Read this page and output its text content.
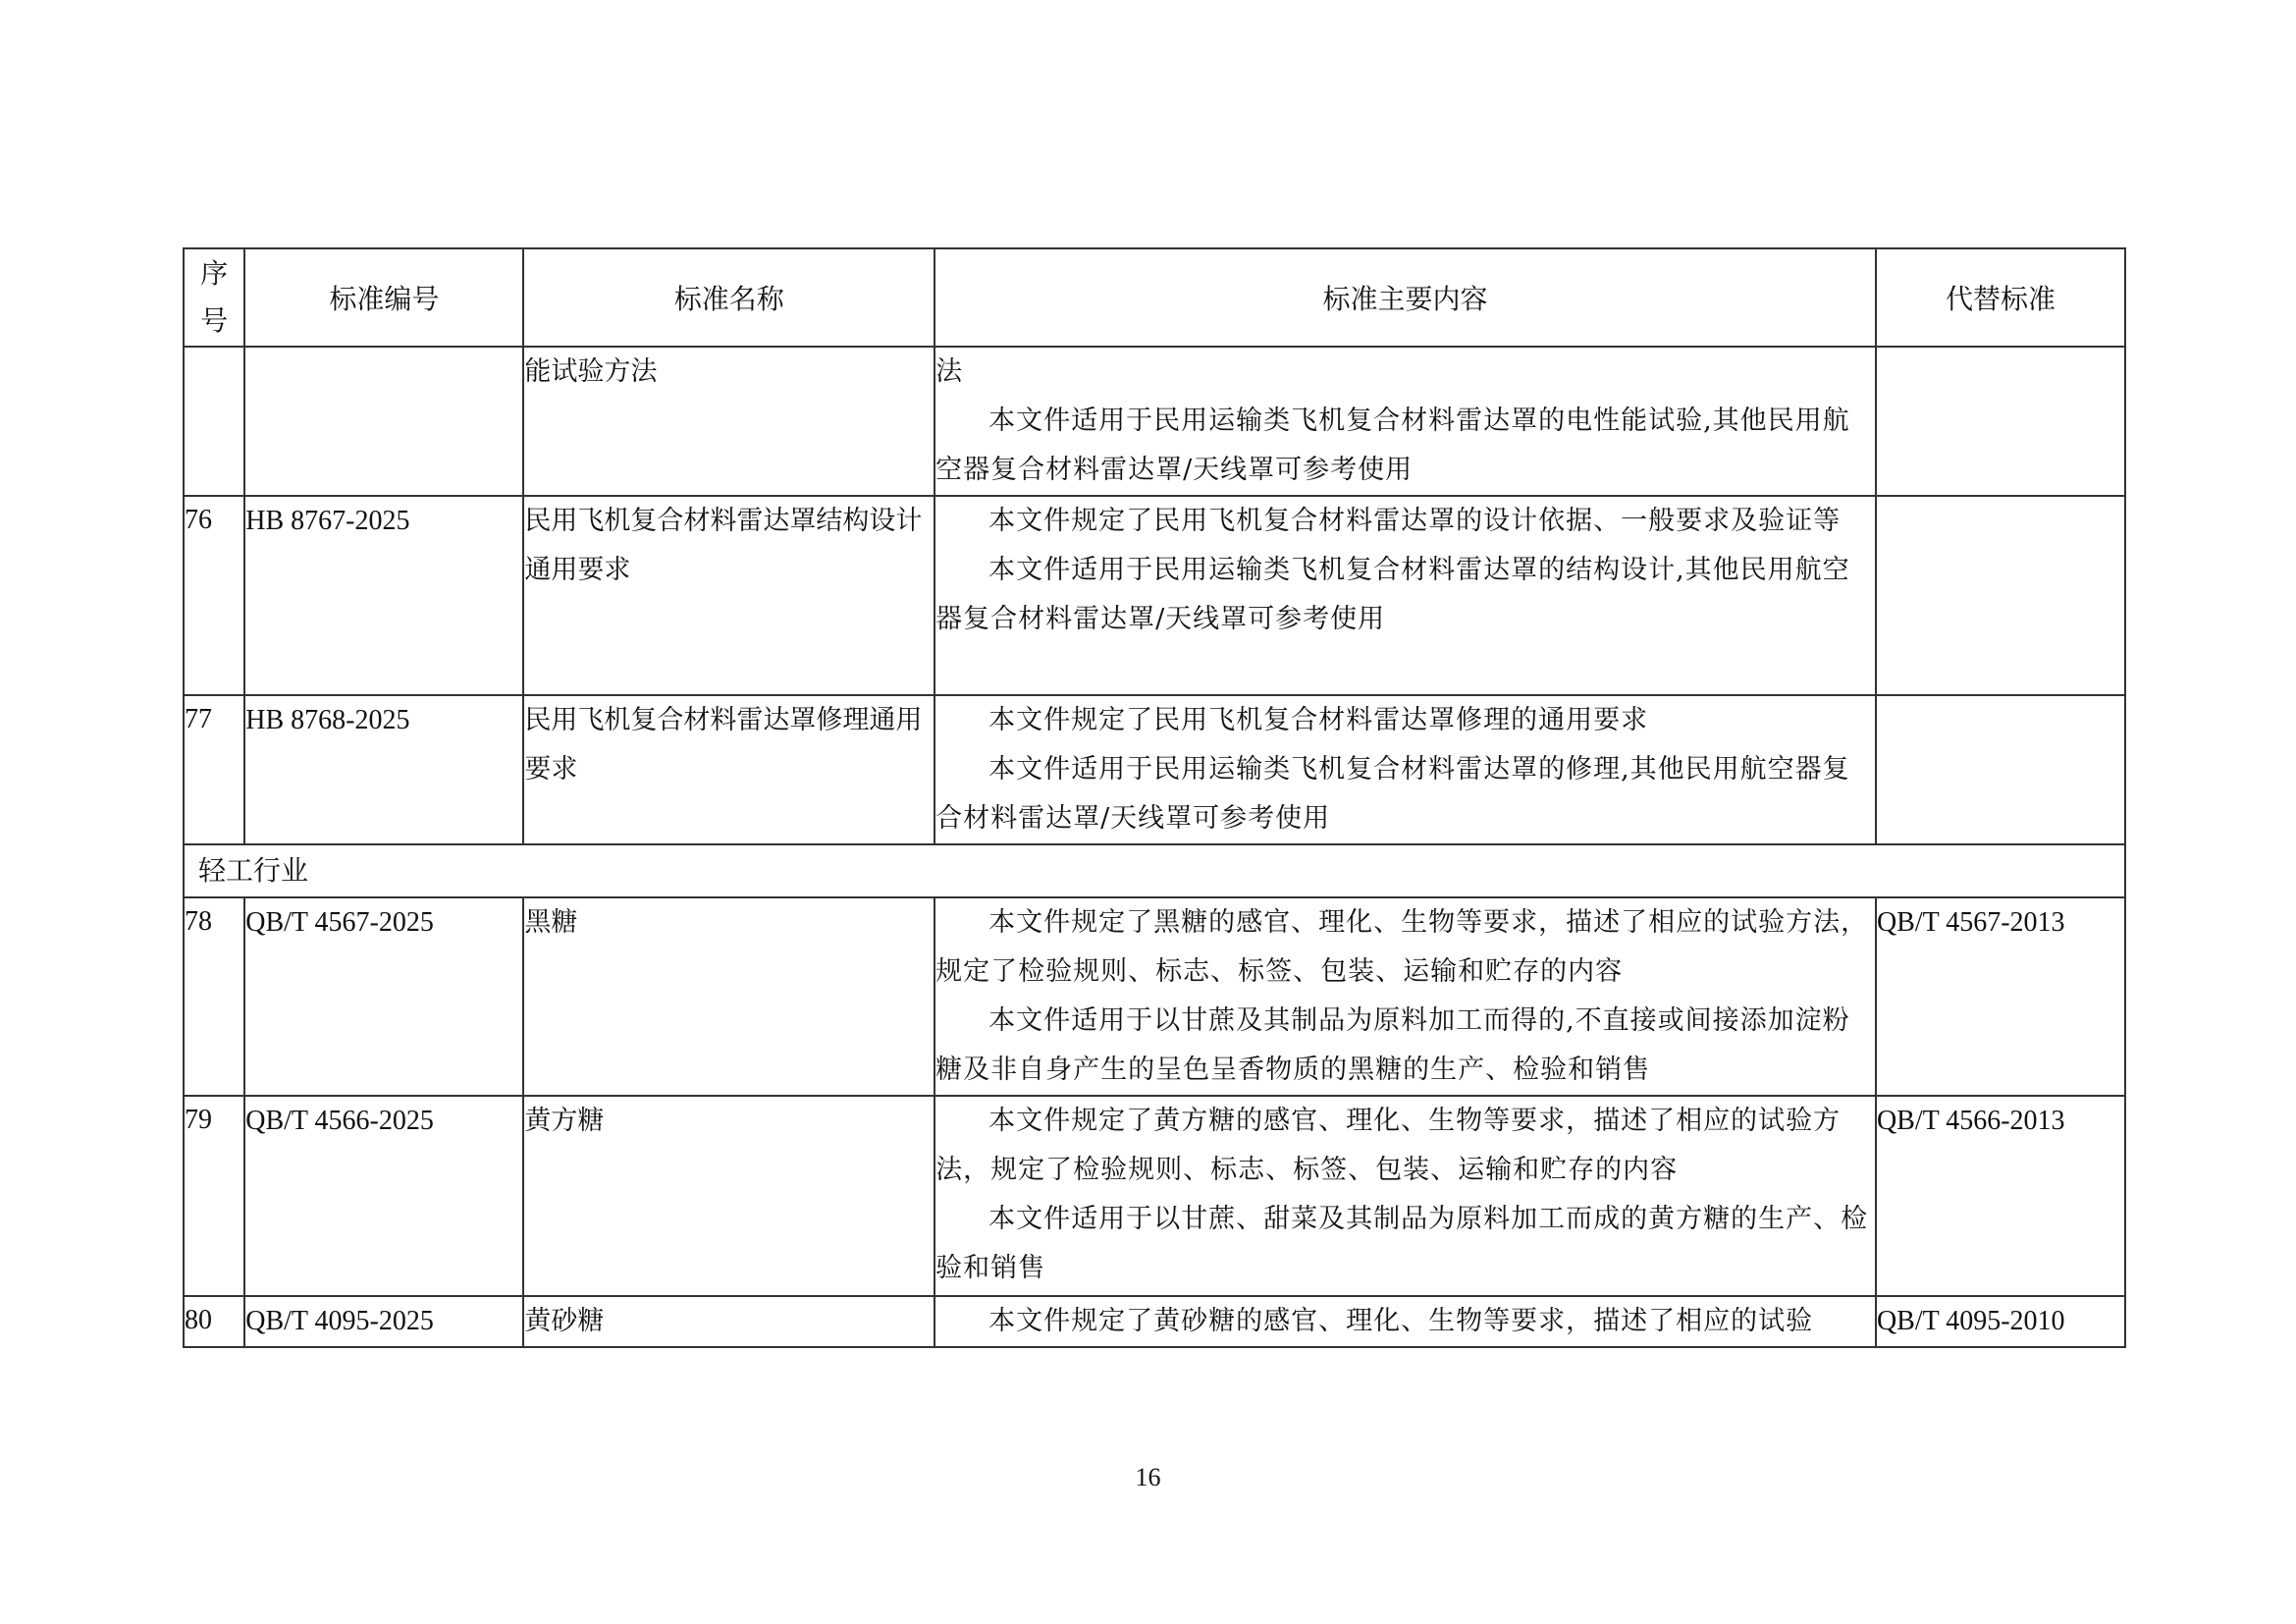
序
号	标准编号	标准名称	标准主要内容	代替标准
		能试验方法	法
本文件适用于民用运输类飞机复合材料雷达罩的电性能试验,其他民用航空器复合材料雷达罩/天线罩可参考使用	

76	HB 8767-2025	民用飞机复合材料雷达罩结构设计通用要求	本文件规定了民用飞机复合材料雷达罩的设计依据、一般要求及验证等
本文件适用于民用运输类飞机复合材料雷达罩的结构设计,其他民用航空器复合材料雷达罩/天线罩可参考使用	

77	HB 8768-2025	民用飞机复合材料雷达罩修理通用要求	本文件规定了民用飞机复合材料雷达罩修理的通用要求
本文件适用于民用运输类飞机复合材料雷达罩的修理,其他民用航空器复合材料雷达罩/天线罩可参考使用	

轻工行业				
78	QB/T 4567-2025	黑糖	本文件规定了黑糖的感官、理化、生物等要求，描述了相应的试验方法，规定了检验规则、标志、标签、包装、运输和贮存的内容
本文件适用于以甘蔗及其制品为原料加工而得的,不直接或间接添加淀粉糖及非自身产生的呈色呈香物质的黑糖的生产、检验和销售	QB/T 4567-2013
79	QB/T 4566-2025	黄方糖	本文件规定了黄方糖的感官、理化、生物等要求，描述了相应的试验方法，规定了检验规则、标志、标签、包装、运输和贮存的内容
本文件适用于以甘蔗、甜菜及其制品为原料加工而成的黄方糖的生产、检验和销售	QB/T 4566-2013
80	QB/T 4095-2025	黄砂糖	本文件规定了黄砂糖的感官、理化、生物等要求，描述了相应的试验	QB/T 4095-2010
16
